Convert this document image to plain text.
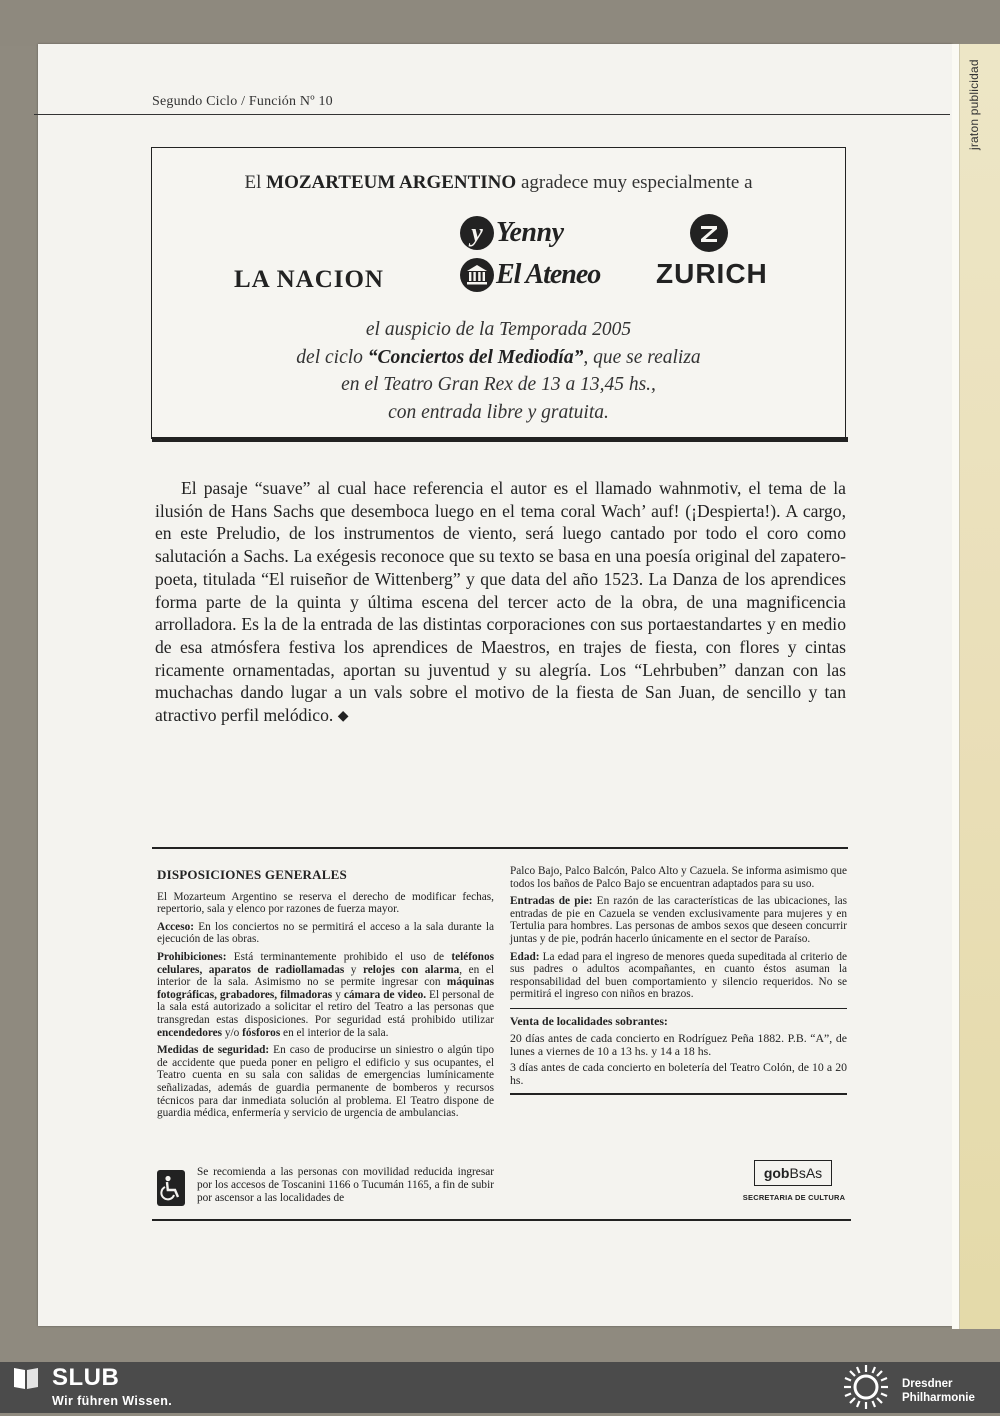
jraton publicidad
Segundo Ciclo / Función Nº 10
El MOZARTEUM ARGENTINO agradece muy especialmente a
LA NACION
y Yenny
El Ateneo ZURICH
el auspicio de la Temporada 2005
del ciclo “Conciertos del Mediodía”, que se realiza
en el Teatro Gran Rex de 13 a 13,45 hs.,
con entrada libre y gratuita.

El pasaje “suave” al cual hace referencia el autor es el llamado wahnmotiv, el tema de la ilusión de Hans Sachs que desemboca luego en el tema coral Wach’ auf! (¡Despierta!). A cargo, en este Preludio, de los instrumentos de viento, será luego cantado por todo el coro como salutación a Sachs. La exégesis reconoce que su texto se basa en una poesía original del zapatero-poeta, titulada “El ruiseñor de Wittenberg” y que data del año 1523. La Danza de los aprendices forma parte de la quinta y última escena del tercer acto de la obra, de una magnificencia arrolladora. Es la de la entrada de las distintas corporaciones con sus portaestandartes y en medio de esa atmósfera festiva los aprendices de Maestros, en trajes de fiesta, con flores y cintas ricamente ornamentadas, aportan su juventud y su alegría. Los “Lehrbuben” danzan con las muchachas dando lugar a un vals sobre el motivo de la fiesta de San Juan, de sencillo y tan atractivo perfil melódico. ◆

DISPOSICIONES GENERALES

El Mozarteum Argentino se reserva el derecho de modificar fechas, repertorio, sala y elenco por razones de fuerza mayor.

Acceso: En los conciertos no se permitirá el acceso a la sala durante la ejecución de las obras.

Prohibiciones: Está terminantemente prohibido el uso de teléfonos celulares, aparatos de radiollamadas y relojes con alarma, en el interior de la sala. Asimismo no se permite ingresar con máquinas fotográficas, grabadores, filmadoras y cámara de video. El personal de la sala está autorizado a solicitar el retiro del Teatro a las personas que transgredan estas disposiciones. Por seguridad está prohibido utilizar encendedores y/o fósforos en el interior de la sala.

Medidas de seguridad: En caso de producirse un siniestro o algún tipo de accidente que pueda poner en peligro el edificio y sus ocupantes, el Teatro cuenta en su sala con salidas de emergencias lumínicamente señalizadas, además de guardia permanente de bomberos y recursos técnicos para dar inmediata solución al problema. El Teatro dispone de guardia médica, enfermería y servicio de urgencia de ambulancias.

Se recomienda a las personas con movilidad reducida ingresar por los accesos de Toscanini 1166 o Tucumán 1165, a fin de subir por ascensor a las localidades de

Palco Bajo, Palco Balcón, Palco Alto y Cazuela. Se informa asimismo que todos los baños de Palco Bajo se encuentran adaptados para su uso.

Entradas de pie: En razón de las características de las ubicaciones, las entradas de pie en Cazuela se venden exclusivamente para mujeres y en Tertulia para hombres. Las personas de ambos sexos que deseen concurrir juntas y de pie, podrán hacerlo únicamente en el sector de Paraíso.

Edad: La edad para el ingreso de menores queda supeditada al criterio de sus padres o adultos acompañantes, en cuanto éstos asuman la responsabilidad del buen comportamiento y silencio requeridos. No se permitirá el ingreso con niños en brazos.

Venta de localidades sobrantes:

20 días antes de cada concierto en Rodríguez Peña 1882. P.B. “A”, de lunes a viernes de 10 a 13 hs. y 14 a 18 hs.

3 días antes de cada concierto en boletería del Teatro Colón, de 10 a 20 hs.

gob BsAs
SECRETARIA DE CULTURA
SLUB
Wir führen Wissen.
Dresdner
Philharmonie
